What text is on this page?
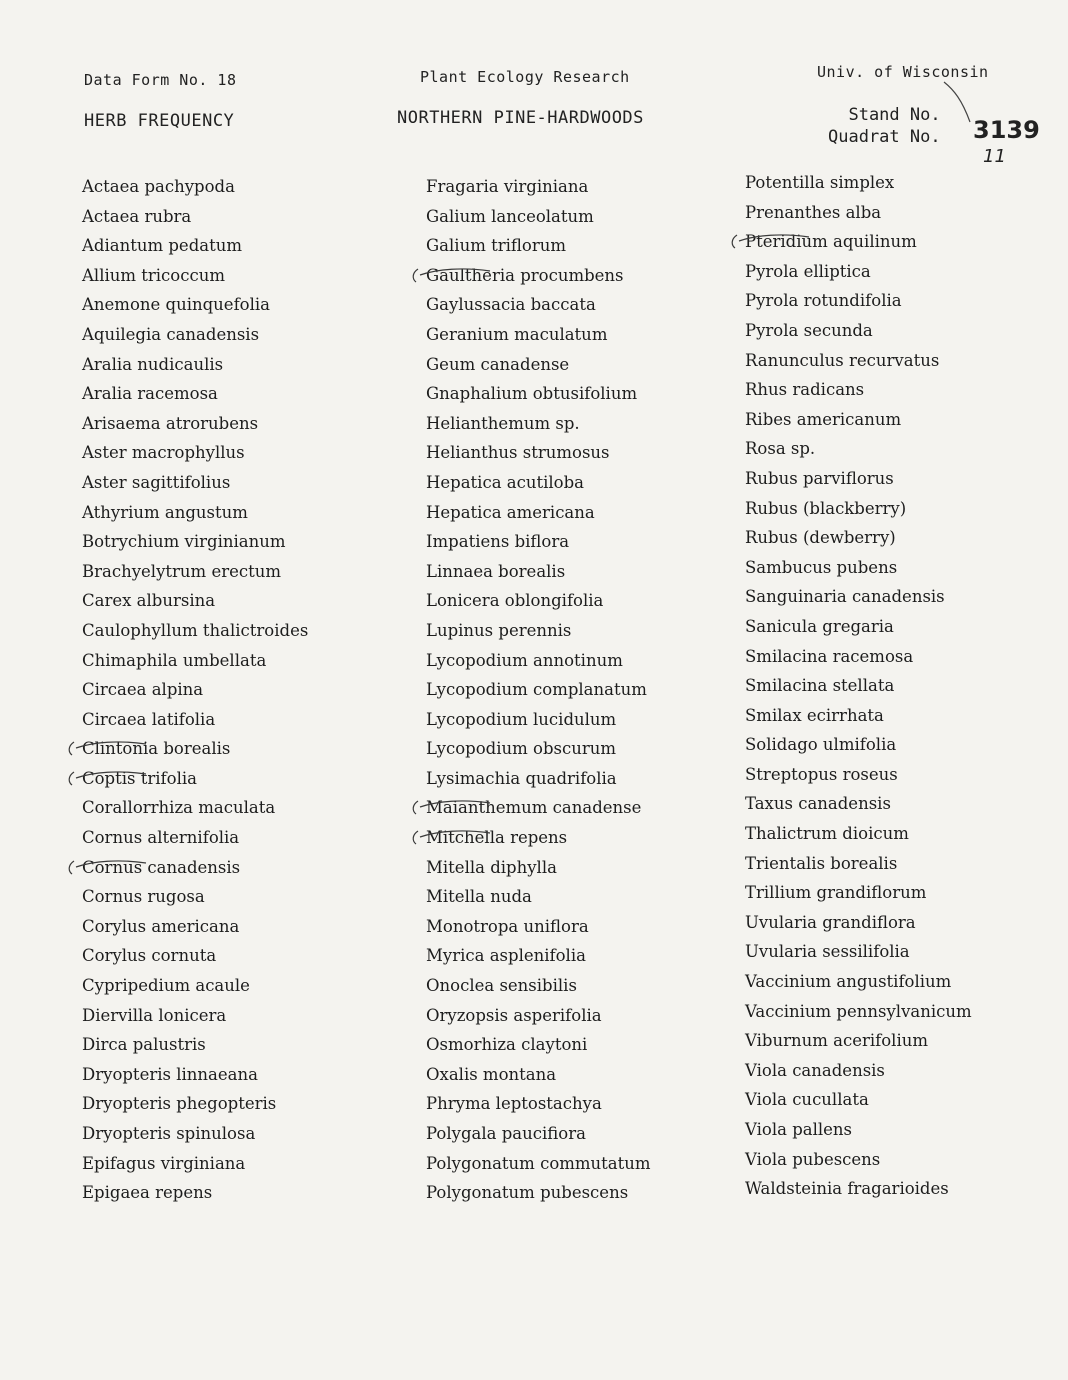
Data Form No. 18	Plant Ecology Research	Univ. of Wisconsin
HERB FREQUENCY	NORTHERN PINE-HARDWOODS	Stand No.
Quadrat No. 3139
11
Actaea pachypoda
Actaea rubra
Adiantum pedatum
Allium tricoccum
Anemone quinquefolia
Aquilegia canadensis
Aralia nudicaulis
Aralia racemosa
Arisaema atrorubens
Aster macrophyllus
Aster sagittifolius
Athyrium angustum
Botrychium virginianum
Brachyelytrum erectum
Carex albursina
Caulophyllum thalictroides
Chimaphila umbellata
Circaea alpina
Circaea latifolia
Clintonia borealis
Coptis trifolia
Corallorrhiza maculata
Cornus alternifolia
Cornus canadensis
Cornus rugosa
Corylus americana
Corylus cornuta
Cypripedium acaule
Diervilla lonicera
Dirca palustris
Dryopteris linnaeana
Dryopteris phegopteris
Dryopteris spinulosa
Epifagus virginiana
Epigaea repens
Fragaria virginiana
Galium lanceolatum
Galium triflorum
Gaultheria procumbens
Gaylussacia baccata
Geranium maculatum
Geum canadense
Gnaphalium obtusifolium
Helianthemum sp.
Helianthus strumosus
Hepatica acutiloba
Hepatica americana
Impatiens biflora
Linnaea borealis
Lonicera oblongifolia
Lupinus perennis
Lycopodium annotinum
Lycopodium complanatum
Lycopodium lucidulum
Lycopodium obscurum
Lysimachia quadrifolia
Maianthemum canadense
Mitchella repens
Mitella diphylla
Mitella nuda
Monotropa uniflora
Myrica asplenifolia
Onoclea sensibilis
Oryzopsis asperifolia
Osmorhiza claytoni
Oxalis montana
Phryma leptostachya
Polygala paucifiora
Polygonatum commutatum
Polygonatum pubescens
Potentilla simplex
Prenanthes alba
Pteridium aquilinum
Pyrola elliptica
Pyrola rotundifolia
Pyrola secunda
Ranunculus recurvatus
Rhus radicans
Ribes americanum
Rosa sp.
Rubus parviflorus
Rubus (blackberry)
Rubus (dewberry)
Sambucus pubens
Sanguinaria canadensis
Sanicula gregaria
Smilacina racemosa
Smilacina stellata
Smilax ecirrhata
Solidago ulmifolia
Streptopus roseus
Taxus canadensis
Thalictrum dioicum
Trientalis borealis
Trillium grandiflorum
Uvularia grandiflora
Uvularia sessilifolia
Vaccinium angustifolium
Vaccinium pennsylvanicum
Viburnum acerifolium
Viola canadensis
Viola cucullata
Viola pallens
Viola pubescens
Waldsteinia fragarioides
